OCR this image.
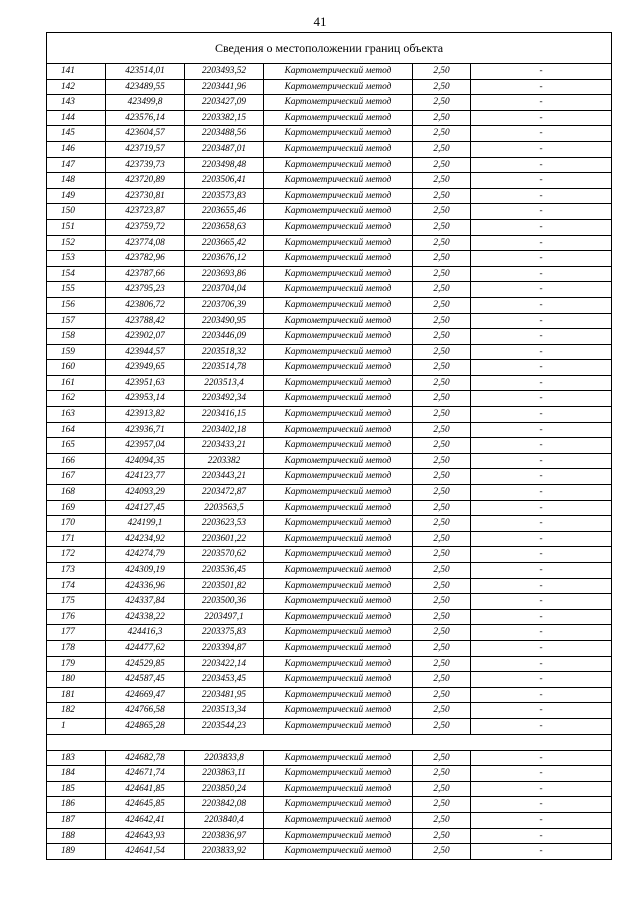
41
Сведения о местоположении границ объекта
141	423514,01	2203493,52	Картометрический метод	2,50	-
142	423489,55	2203441,96	Картометрический метод	2,50	-
143	423499,8	2203427,09	Картометрический метод	2,50	-
144	423576,14	2203382,15	Картометрический метод	2,50	-
145	423604,57	2203488,56	Картометрический метод	2,50	-
146	423719,57	2203487,01	Картометрический метод	2,50	-
147	423739,73	2203498,48	Картометрический метод	2,50	-
148	423720,89	2203506,41	Картометрический метод	2,50	-
149	423730,81	2203573,83	Картометрический метод	2,50	-
150	423723,87	2203655,46	Картометрический метод	2,50	-
151	423759,72	2203658,63	Картометрический метод	2,50	-
152	423774,08	2203665,42	Картометрический метод	2,50	-
153	423782,96	2203676,12	Картометрический метод	2,50	-
154	423787,66	2203693,86	Картометрический метод	2,50	-
155	423795,23	2203704,04	Картометрический метод	2,50	-
156	423806,72	2203706,39	Картометрический метод	2,50	-
157	423788,42	2203490,95	Картометрический метод	2,50	-
158	423902,07	2203446,09	Картометрический метод	2,50	-
159	423944,57	2203518,32	Картометрический метод	2,50	-
160	423949,65	2203514,78	Картометрический метод	2,50	-
161	423951,63	2203513,4	Картометрический метод	2,50	-
162	423953,14	2203492,34	Картометрический метод	2,50	-
163	423913,82	2203416,15	Картометрический метод	2,50	-
164	423936,71	2203402,18	Картометрический метод	2,50	-
165	423957,04	2203433,21	Картометрический метод	2,50	-
166	424094,35	2203382	Картометрический метод	2,50	-
167	424123,77	2203443,21	Картометрический метод	2,50	-
168	424093,29	2203472,87	Картометрический метод	2,50	-
169	424127,45	2203563,5	Картометрический метод	2,50	-
170	424199,1	2203623,53	Картометрический метод	2,50	-
171	424234,92	2203601,22	Картометрический метод	2,50	-
172	424274,79	2203570,62	Картометрический метод	2,50	-
173	424309,19	2203536,45	Картометрический метод	2,50	-
174	424336,96	2203501,82	Картометрический метод	2,50	-
175	424337,84	2203500,36	Картометрический метод	2,50	-
176	424338,22	2203497,1	Картометрический метод	2,50	-
177	424416,3	2203375,83	Картометрический метод	2,50	-
178	424477,62	2203394,87	Картометрический метод	2,50	-
179	424529,85	2203422,14	Картометрический метод	2,50	-
180	424587,45	2203453,45	Картометрический метод	2,50	-
181	424669,47	2203481,95	Картометрический метод	2,50	-
182	424766,58	2203513,34	Картометрический метод	2,50	-
1	424865,28	2203544,23	Картометрический метод	2,50	-

183	424682,78	2203833,8	Картометрический метод	2,50	-
184	424671,74	2203863,11	Картометрический метод	2,50	-
185	424641,85	2203850,24	Картометрический метод	2,50	-
186	424645,85	2203842,08	Картометрический метод	2,50	-
187	424642,41	2203840,4	Картометрический метод	2,50	-
188	424643,93	2203836,97	Картометрический метод	2,50	-
189	424641,54	2203833,92	Картометрический метод	2,50	-
